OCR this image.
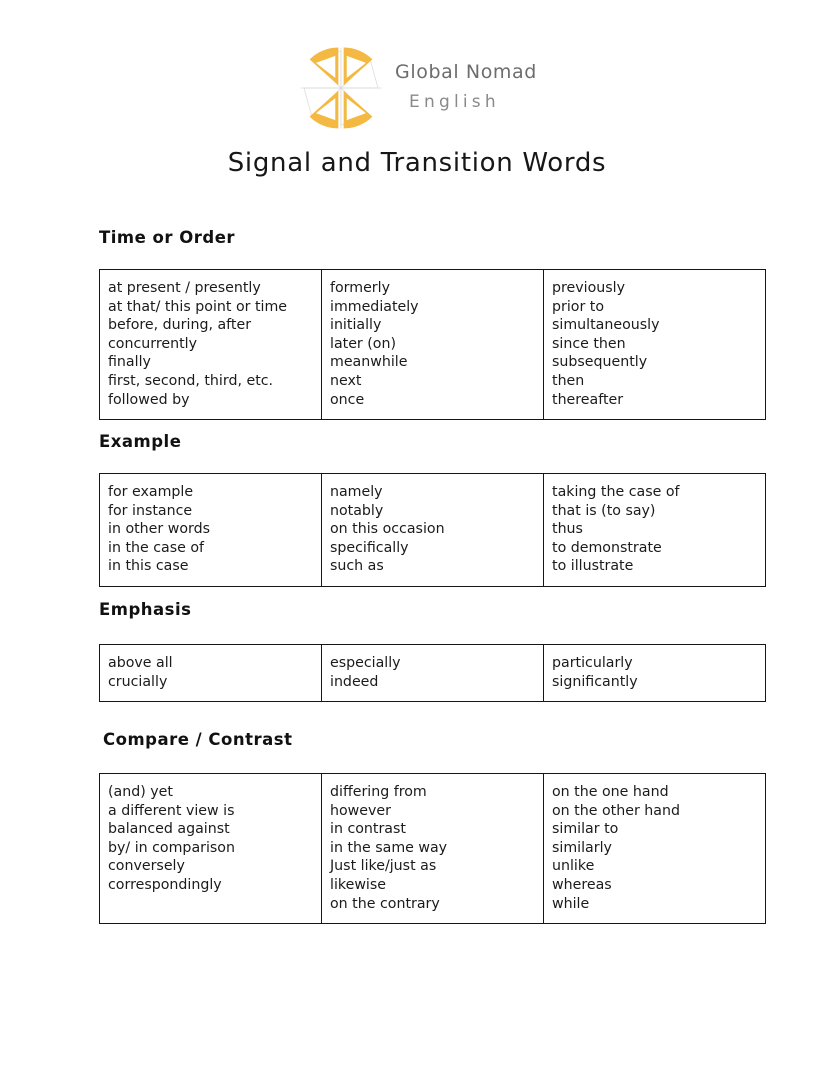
Global Nomad
English
Signal and Transition Words
Time or Order
at present / presently
at that/ this point or time
before, during, after
concurrently
finally
first, second, third, etc.
followed by

formerly
immediately
initially
later (on)
meanwhile
next
once

previously
prior to
simultaneously
since then
subsequently
then
thereafter
Example
for example
for instance
in other words
in the case of
in this case

namely
notably
on this occasion
specifically
such as

taking the case of
that is (to say)
thus
to demonstrate
to illustrate
Emphasis
above all
crucially

especially
indeed

particularly
significantly
Compare / Contrast
(and) yet
a different view is
balanced against
by/ in comparison
conversely
correspondingly

differing from
however
in contrast
in the same way
Just like/just as
likewise
on the contrary

on the one hand
on the other hand
similar to
similarly
unlike
whereas
while
